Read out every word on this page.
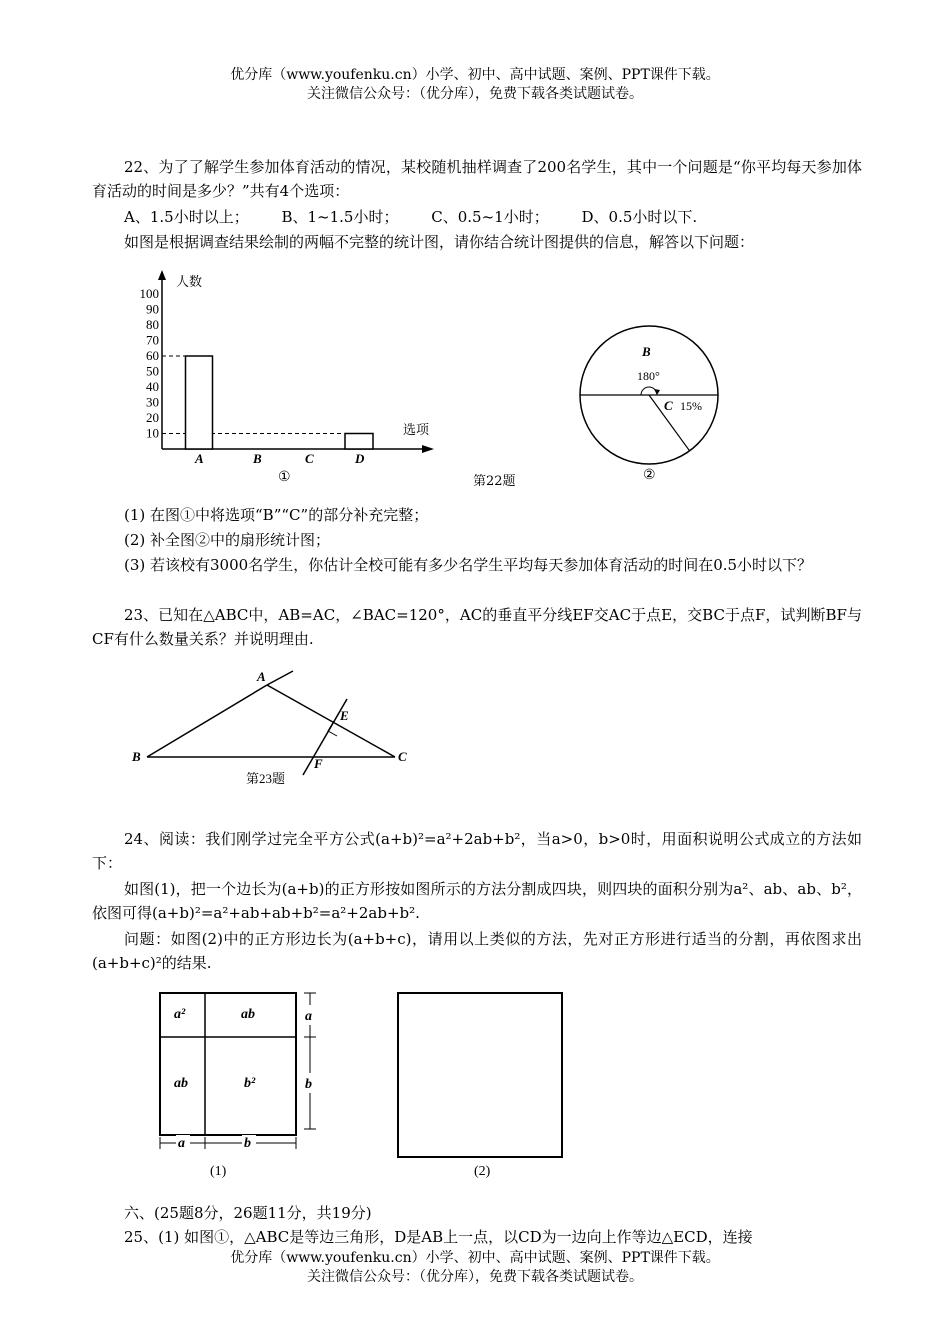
优分库（www.youfenku.cn）小学、初中、高中试题、案例、PPT课件下载。
关注微信公众号：（优分库），免费下载各类试题试卷。
22、为了了解学生参加体育活动的情况，某校随机抽样调查了200名学生，其中一个问题是“你平均每天参加体育活动的时间是多少？”共有4个选项：
A、1.5小时以上； B、1~1.5小时； C、0.5~1小时； D、0.5小时以下.
如图是根据调查结果绘制的两幅不完整的统计图，请你结合统计图提供的信息，解答以下问题：
人数
选项
10
20
30
40
50
60
70
80
90
100
A	B	C	D
①	第22题
B
180°
C 15%
②
(1) 在图①中将选项“B”“C”的部分补充完整；
(2) 补全图②中的扇形统计图；
(3) 若该校有3000名学生，你估计全校可能有多少名学生平均每天参加体育活动的时间在0.5小时以下？
23、已知在△ABC中，AB=AC，∠BAC=120°，AC的垂直平分线EF交AC于点E，交BC于点F，试判断BF与CF有什么数量关系？并说明理由.
A
B	C
E
F
第23题
24、阅读：我们刚学过完全平方公式(a+b)²=a²+2ab+b²，当a>0，b>0时，用面积说明公式成立的方法如下：
如图(1)，把一个边长为(a+b)的正方形按如图所示的方法分割成四块，则四块的面积分别为a²、ab、ab、b²，依图可得(a+b)²=a²+ab+ab+b²=a²+2ab+b².
问题：如图(2)中的正方形边长为(a+b+c)，请用以上类似的方法，先对正方形进行适当的分割，再依图求出(a+b+c)²的结果.
a²	ab
ab	b²
a
b
a	b
(1)	(2)
六、(25题8分，26题11分，共19分)
25、(1) 如图①，△ABC是等边三角形，D是AB上一点，以CD为一边向上作等边△ECD，连接
优分库（www.youfenku.cn）小学、初中、高中试题、案例、PPT课件下载。
关注微信公众号：（优分库），免费下载各类试题试卷。
